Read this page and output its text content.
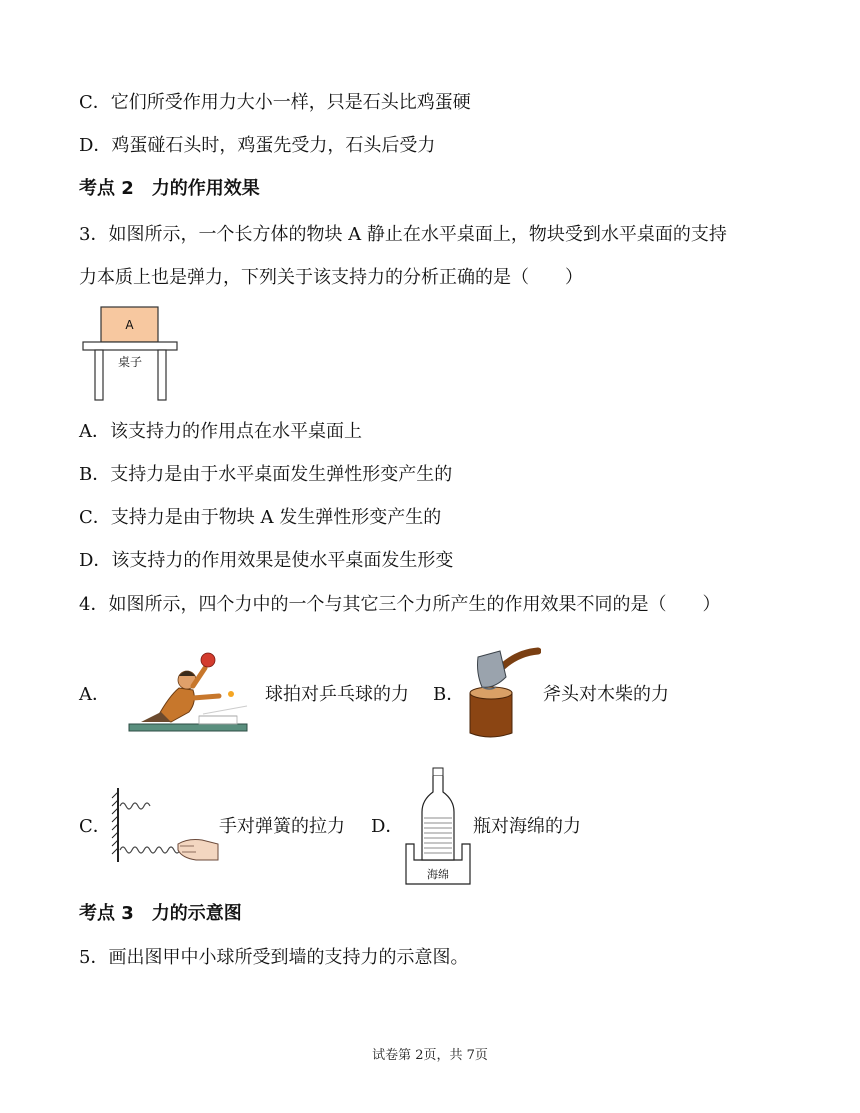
C．它们所受作用力大小一样，只是石头比鸡蛋硬
D．鸡蛋碰石头时，鸡蛋先受力，石头后受力
考点 2　力的作用效果
3．如图所示，一个长方体的物块 A 静止在水平桌面上，物块受到水平桌面的支持
力本质上也是弹力，下列关于该支持力的分析正确的是（　　）
A
桌子
A．该支持力的作用点在水平桌面上
B．支持力是由于水平桌面发生弹性形变产生的
C．支持力是由于物块 A 发生弹性形变产生的
D．该支持力的作用效果是使水平桌面发生形变
4．如图所示，四个力中的一个与其它三个力所产生的作用效果不同的是（　　）
A．	球拍对乒乓球的力 B．	斧头对木柴的力
C．	手对弹簧的拉力 D．
海绵
瓶对海绵的力
考点 3　力的示意图
5．画出图甲中小球所受到墙的支持力的示意图。
试卷第 2页，共 7页
